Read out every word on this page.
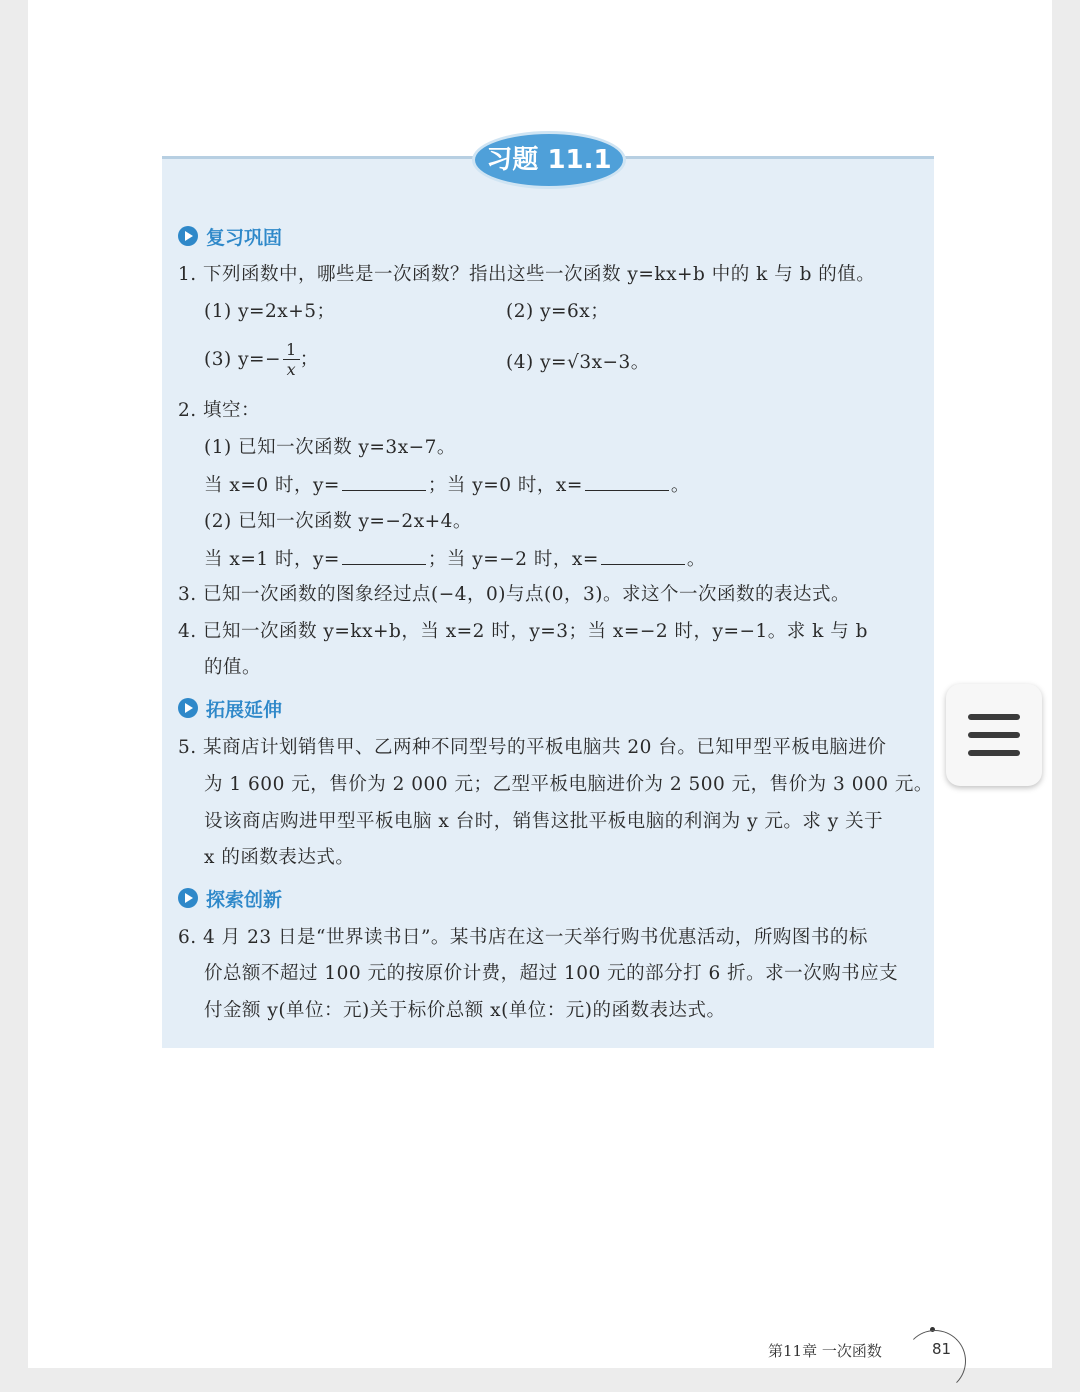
习题 11.1
复习巩固
1. 下列函数中，哪些是一次函数？指出这些一次函数 y=kx+b 中的 k 与 b 的值。
(1) y=2x+5；	(2) y=6x；
(3) $y=- \frac{1}{x}$ ；	(4) y=√3x−3。
2. 填空：
(1) 已知一次函数 y=3x−7。
当 x=0 时，y=	；当 y=0 时，x=	。
(2) 已知一次函数 y=−2x+4。
当 x=1 时，y=	；当 y=−2 时，x=	。
3. 已知一次函数的图象经过点(−4，0)与点(0，3)。求这个一次函数的表达式。
4. 已知一次函数 y=kx+b，当 x=2 时，y=3；当 x=−2 时，y=−1。求 k 与 b
的值。
拓展延伸
5. 某商店计划销售甲、乙两种不同型号的平板电脑共 20 台。已知甲型平板电脑进价
为 1 600 元，售价为 2 000 元；乙型平板电脑进价为 2 500 元，售价为 3 000 元。
设该商店购进甲型平板电脑 x 台时，销售这批平板电脑的利润为 y 元。求 y 关于
x 的函数表达式。
探索创新
6. 4 月 23 日是“世界读书日”。某书店在这一天举行购书优惠活动，所购图书的标
价总额不超过 100 元的按原价计费，超过 100 元的部分打 6 折。求一次购书应支
付金额 y(单位：元)关于标价总额 x(单位：元)的函数表达式。
第11章 一次函数	81
